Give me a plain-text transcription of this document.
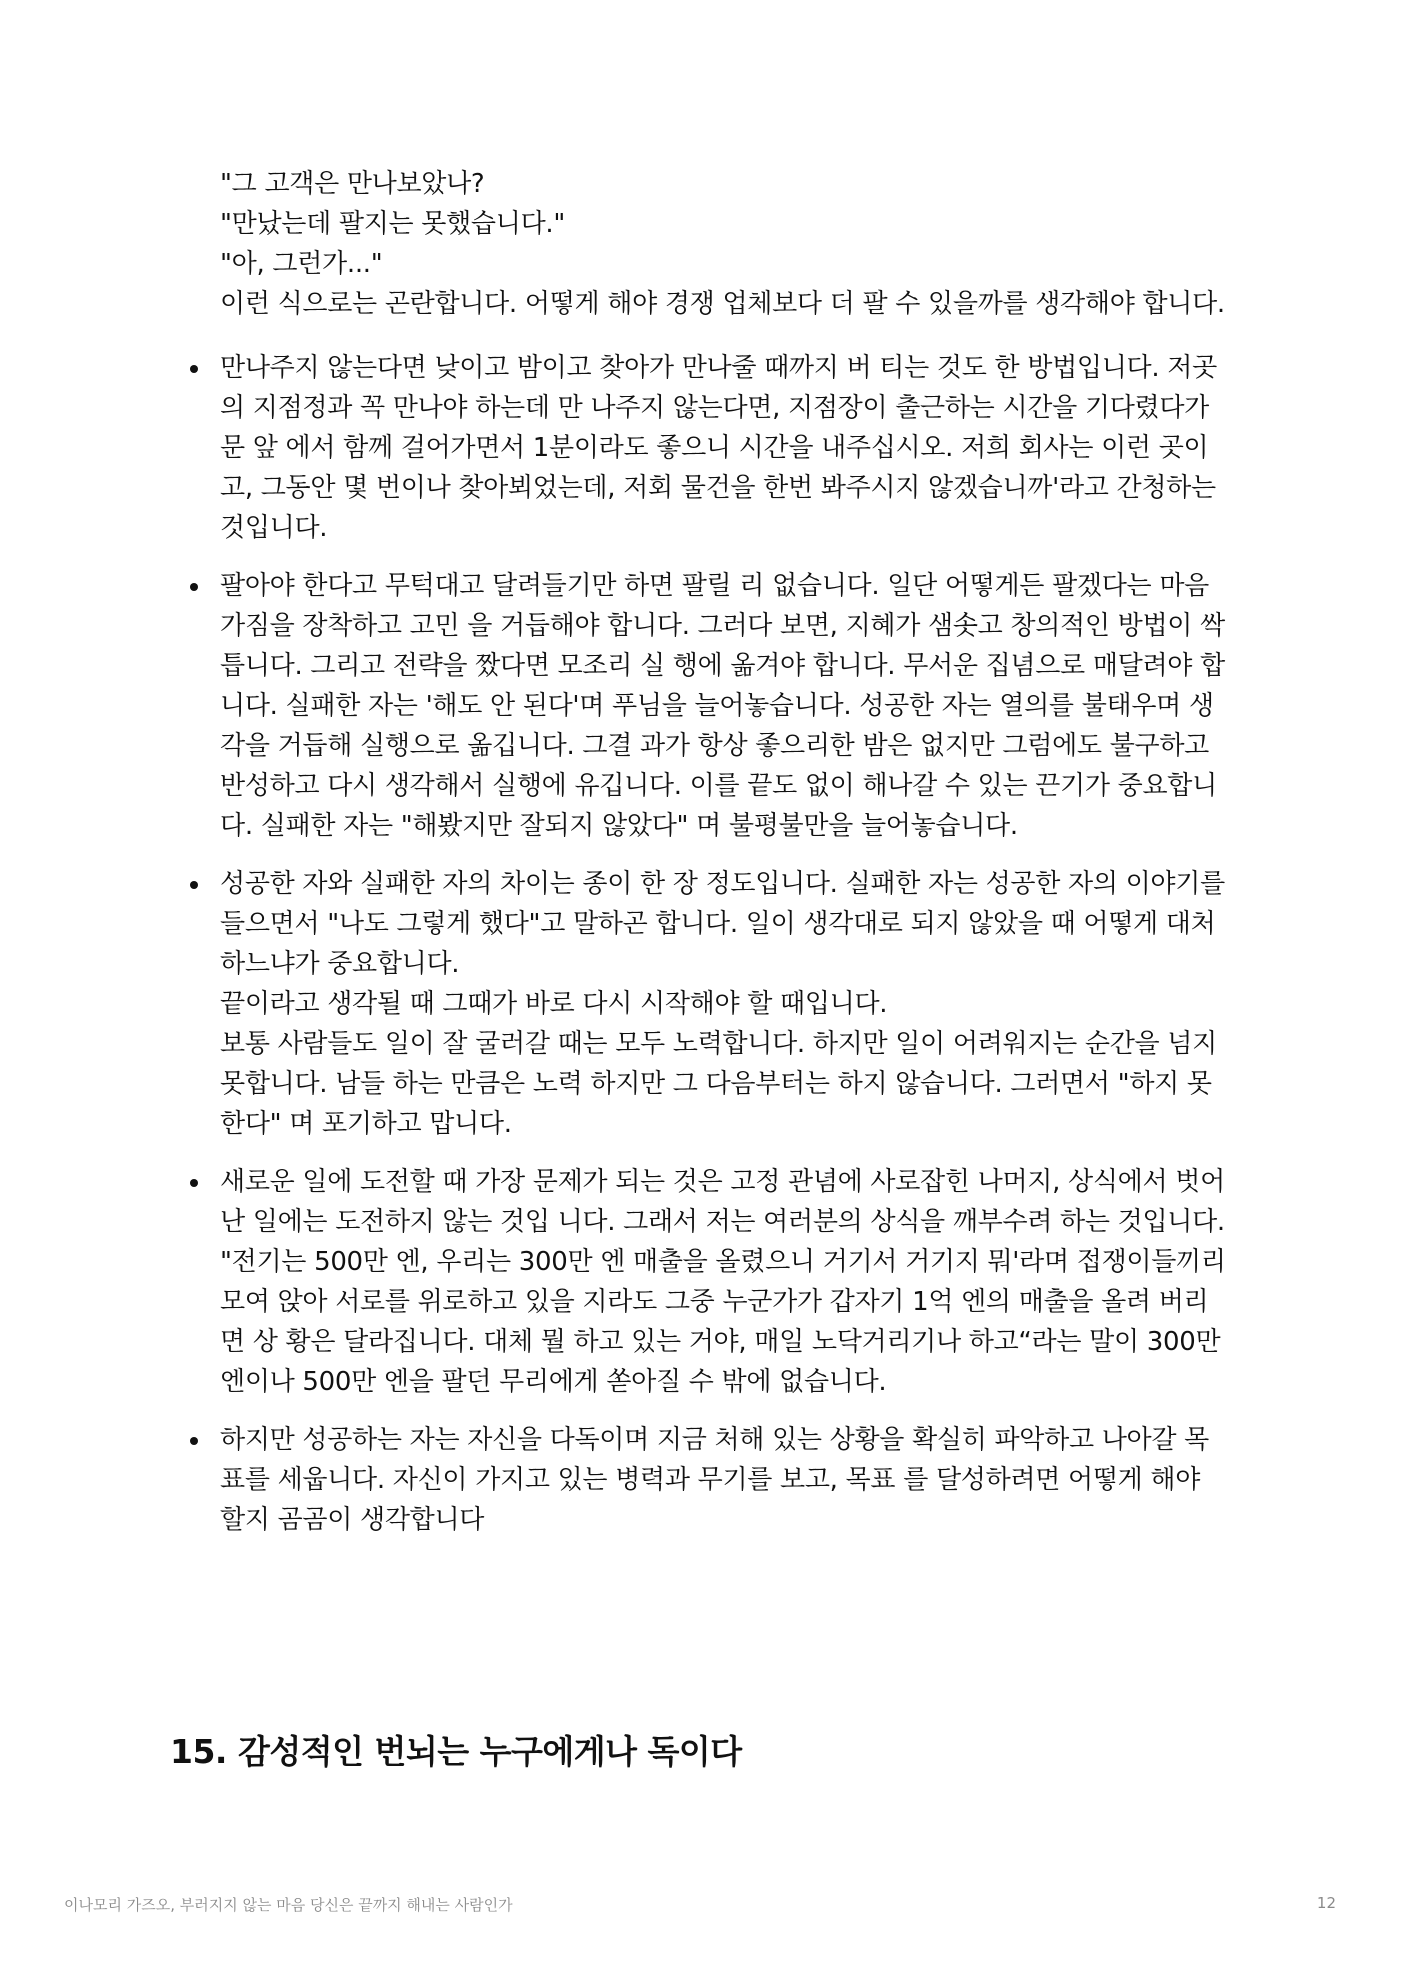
"그 고객은 만나보았나?

"만났는데 팔지는 못했습니다."

"아, 그런가..."

이런 식으로는 곤란합니다. 어떻게 해야 경쟁 업체보다 더 팔 수 있을까를 생각해야 합니다.

만나주지 않는다면 낮이고 밤이고 찾아가 만나줄 때까지 버 티는 것도 한 방법입니다. 저곳의 지점정과 꼭 만나야 하는데 만 나주지 않는다면, 지점장이 출근하는 시간을 기다렸다가 문 앞 에서 함께 걸어가면서 1분이라도 좋으니 시간을 내주십시오. 저희 회사는 이런 곳이고, 그동안 몇 번이나 찾아뵈었는데, 저회 물건을 한번 봐주시지 않겠습니까'라고 간청하는 것입니다.

팔아야 한다고 무턱대고 달려들기만 하면 팔릴 리 없습니다. 일단 어떻게든 팔겠다는 마음가짐을 장착하고 고민 을 거듭해야 합니다. 그러다 보면, 지혜가 샘솟고 창의적인 방법이 싹틉니다. 그리고 전략을 짰다면 모조리 실 행에 옮겨야 합니다. 무서운 집념으로 매달려야 합니다. 실패한 자는 '해도 안 된다'며 푸님을 늘어놓습니다. 성공한 자는 열의를 불태우며 생각을 거듭해 실행으로 옮깁니다. 그결 과가 항상 좋으리한 밤은 없지만 그럼에도 불구하고 반성하고 다시 생각해서 실행에 유깁니다. 이를 끝도 없이 해나갈 수 있는 끈기가 중요합니다. 실패한 자는 "해봤지만 잘되지 않았다" 며 불평불만을 늘어놓습니다.

성공한 자와 실패한 자의 차이는 종이 한 장 정도입니다. 실패한 자는 성공한 자의 이야기를 들으면서 "나도 그렇게 했다"고 말하곤 합니다. 일이 생각대로 되지 않았을 때 어떻게 대처하느냐가 중요합니다.

끝이라고 생각될 때 그때가 바로 다시 시작해야 할 때입니다.

보통 사람들도 일이 잘 굴러갈 때는 모두 노력합니다. 하지만 일이 어려워지는 순간을 넘지 못합니다. 남들 하는 만큼은 노력 하지만 그 다음부터는 하지 않습니다. 그러면서 "하지 못한다" 며 포기하고 맙니다.

새로운 일에 도전할 때 가장 문제가 되는 것은 고정 관념에 사로잡힌 나머지, 상식에서 벗어난 일에는 도전하지 않는 것입 니다. 그래서 저는 여러분의 상식을 깨부수려 하는 것입니다. "전기는 500만 엔, 우리는 300만 엔 매출을 올렸으니 거기서 거기지 뭐'라며 접쟁이들끼리 모여 앉아 서로를 위로하고 있을 지라도 그중 누군가가 갑자기 1억 엔의 매출을 올려 버리면 상 황은 달라집니다. 대체 뭘 하고 있는 거야, 매일 노닥거리기나 하고“라는 말이 300만 엔이나 500만 엔을 팔던 무리에게 쏟아질 수 밖에 없습니다.

하지만 성공하는 자는 자신을 다독이며 지금 처해 있는 상황을 확실히 파악하고 나아갈 목 표를 세웁니다. 자신이 가지고 있는 병력과 무기를 보고, 목표 를 달성하려면 어떻게 해야 할지 곰곰이 생각합니다

15. 감성적인 번뇌는 누구에게나 독이다
이나모리 가즈오, 부러지지 않는 마음 당신은 끝까지 해내는 사람인가	12
